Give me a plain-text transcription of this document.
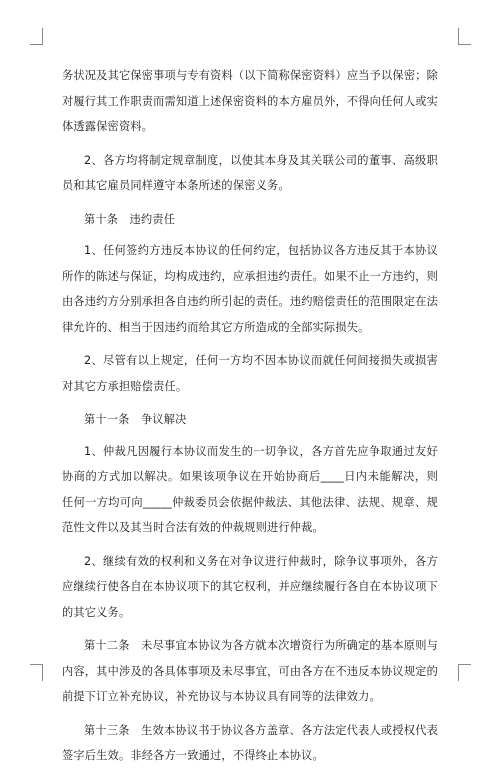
务状况及其它保密事项与专有资料（以下简称保密资料）应当予以保密；除对履行其工作职责而需知道上述保密资料的本方雇员外，不得向任何人或实体透露保密资料。

2、各方均将制定规章制度，以使其本身及其关联公司的董事、高级职员和其它雇员同样遵守本条所述的保密义务。

第十条　违约责任

1、任何签约方违反本协议的任何约定，包括协议各方违反其于本协议所作的陈述与保证，均构成违约，应承担违约责任。如果不止一方违约，则由各违约方分别承担各自违约所引起的责任。违约赔偿责任的范围限定在法律允许的、相当于因违约而给其它方所造成的全部实际损失。

2、尽管有以上规定，任何一方均不因本协议而就任何间接损失或损害对其它方承担赔偿责任。

第十一条　争议解决

1、仲裁凡因履行本协议而发生的一切争议，各方首先应争取通过友好协商的方式加以解决。如果该项争议在开始协商后____日内未能解决，则任何一方均可向_____仲裁委员会依据仲裁法、其他法律、法规、规章、规范性文件以及其当时合法有效的仲裁规则进行仲裁。

2、继续有效的权利和义务在对争议进行仲裁时，除争议事项外，各方应继续行使各自在本协议项下的其它权利，并应继续履行各自在本协议项下的其它义务。

第十二条　未尽事宜本协议为各方就本次增资行为所确定的基本原则与内容，其中涉及的各具体事项及未尽事宜，可由各方在不违反本协议规定的前提下订立补充协议，补充协议与本协议具有同等的法律效力。

第十三条　生效本协议书于协议各方盖章、各方法定代表人或授权代表签字后生效。非经各方一致通过，不得终止本协议。
